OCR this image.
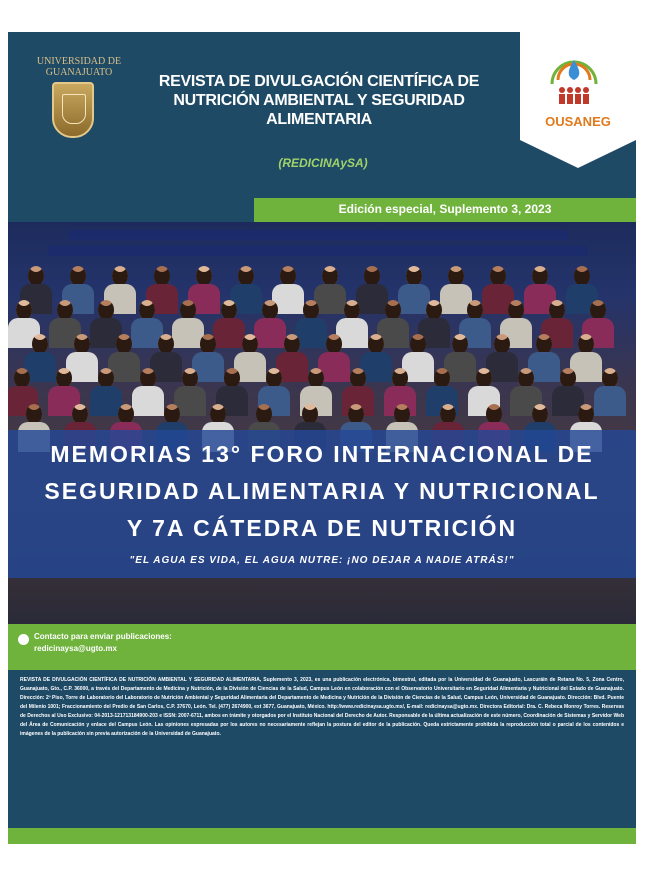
UNIVERSIDAD DE GUANAJUATO
REVISTA DE DIVULGACIÓN CIENTÍFICA DE NUTRICIÓN AMBIENTAL Y SEGURIDAD ALIMENTARIA
(REDICINAySA)
OUSANEG
Edición especial, Suplemento 3, 2023
MEMORIAS 13° FORO INTERNACIONAL DE
SEGURIDAD ALIMENTARIA Y NUTRICIONAL
Y 7A CÁTEDRA DE NUTRICIÓN
"EL AGUA ES VIDA, EL AGUA NUTRE: ¡NO DEJAR A NADIE ATRÁS!"
Contacto para enviar publicaciones:
redicinaysa@ugto.mx
REVISTA DE DIVULGACIÓN CIENTÍFICA DE NUTRICIÓN AMBIENTAL Y SEGURIDAD ALIMENTARIA, Suplemento 3, 2023, es una publicación electrónica, bimestral, editada por la Universidad de Guanajuato, Lascuráin de Retana No. 5, Zona Centro, Guanajuato, Gto., C.P. 36000, a través del Departamento de Medicina y Nutrición, de la División de Ciencias de la Salud, Campus León en colaboración con el Observatorio Universitario en Seguridad Alimentaria y Nutricional del Estado de Guanajuato. Dirección: 2º Piso, Torre de Laboratorio del Laboratorio de Nutrición Ambiental y Seguridad Alimentaria del Departamento de Medicina y Nutrición de la División de Ciencias de la Salud, Campus León, Universidad de Guanajuato. Dirección: Blvd. Puente del Milenio 1001; Fraccionamiento del Predio de San Carlos, C.P. 37670, León. Tel. (477) 2674900, ext 3677, Guanajuato, México. http://www.redicinaysa.ugto.mx/, E-mail: redicinaysa@ugto.mx. Directora Editorial: Dra. C. Rebeca Monroy Torres. Reservas de Derechos al Uso Exclusivo: 04-2013-121713184900-203 e ISSN: 2007-6711, ambos en trámite y otorgados por el Instituto Nacional del Derecho de Autor. Responsable de la última actualización de este número, Coordinación de Sistemas y Servidor Web del Área de Comunicación y enlace del Campus León. Las opiniones expresadas por los autores no necesariamente reflejan la postura del editor de la publicación. Queda estrictamente prohibida la reproducción total o parcial de los contenidos e imágenes de la publicación sin previa autorización de la Universidad de Guanajuato.
